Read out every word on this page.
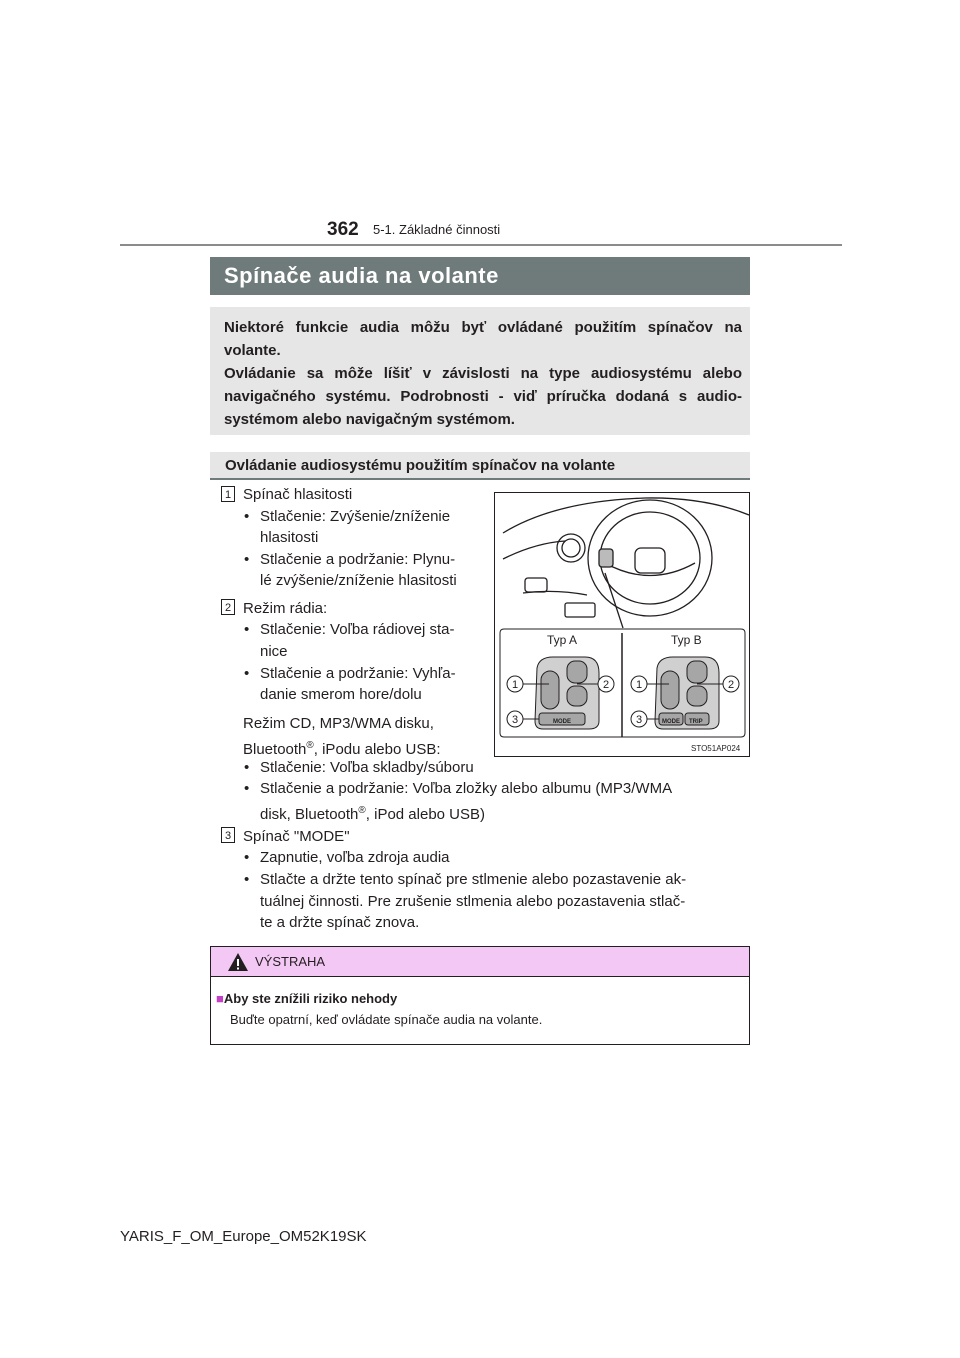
362 5-1. Základné činnosti
Spínače audia na volante

Niektoré funkcie audia môžu byť ovládané použitím spínačov na volante.

Ovládanie sa môže líšiť v závislosti na type audiosystému alebo navigačného systému. Podrobnosti - viď príručka dodaná s audio-systémom alebo navigačným systémom.

Ovládanie audiosystému použitím spínačov na volante
1 Spínač hlasitosti
• Stlačenie: Zvýšenie/zníženie
hlasitosti
• Stlačenie a podržanie: Plynu-
lé zvýšenie/zníženie hlasitosti
2 Režim rádia:
• Stlačenie: Voľba rádiovej sta-
nice
• Stlačenie a podržanie: Vyhľa-
danie smerom hore/dolu
Režim CD, MP3/WMA disku,
Bluetooth®, iPodu alebo USB:
• Stlačenie: Voľba skladby/súboru
• Stlačenie a podržanie: Voľba zložky alebo albumu (MP3/WMA
disk, Bluetooth®, iPod alebo USB)
3 Spínač "MODE"
• Zapnutie, voľba zdroja audia
• Stlačte a držte tento spínač pre stlmenie alebo pozastavenie ak-
tuálnej činnosti. Pre zrušenie stlmenia alebo pozastavenia stlač-
te a držte spínač znova.
Typ A	Typ B
MODE	MODE TRIP
1	2
3
1	2
3
STO51AP024
VÝSTRAHA
■Aby ste znížili riziko nehody
Buďte opatrní, keď ovládate spínače audia na volante.
YARIS_F_OM_Europe_OM52K19SK
